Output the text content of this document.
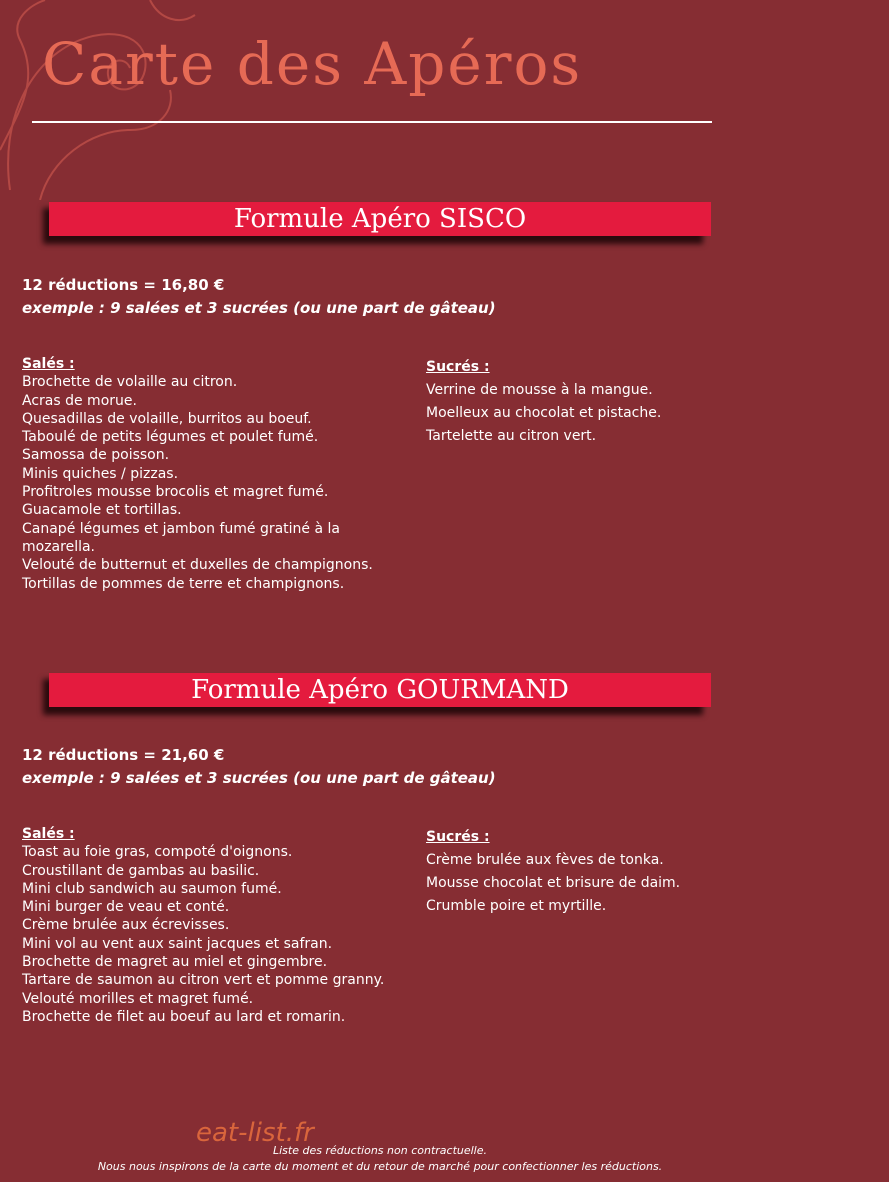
Carte des Apéros
Formule Apéro SISCO
12 réductions = 16,80 €
exemple : 9 salées et 3 sucrées (ou une part de gâteau)
Salés :
Brochette de volaille au citron.
Acras de morue.
Quesadillas de volaille, burritos au boeuf.
Taboulé de petits légumes et poulet fumé.
Samossa de poisson.
Minis quiches / pizzas.
Profitroles mousse brocolis et magret fumé.
Guacamole et tortillas.
Canapé légumes et jambon fumé gratiné à la mozarella.
Velouté de butternut et duxelles de champignons.
Tortillas de pommes de terre et champignons.
Sucrés :
Verrine de mousse à la mangue.
Moelleux au chocolat et pistache.
Tartelette au citron vert.
Formule Apéro GOURMAND
12 réductions = 21,60 €
exemple : 9 salées et 3 sucrées (ou une part de gâteau)
Salés :
Toast au foie gras, compoté d'oignons.
Croustillant de gambas au basilic.
Mini club sandwich au saumon fumé.
Mini burger de veau et conté.
Crème brulée aux écrevisses.
Mini vol au vent aux saint jacques et safran.
Brochette de magret au miel et gingembre.
Tartare de saumon au citron vert et pomme granny.
Velouté morilles et magret fumé.
Brochette de filet au boeuf au lard et romarin.
Sucrés :
Crème brulée aux fèves de tonka.
Mousse chocolat et brisure de daim.
Crumble poire et myrtille.
eat-list.fr
Liste des réductions non contractuelle.
Nous nous inspirons de la carte du moment et du retour de marché pour confectionner les réductions.
